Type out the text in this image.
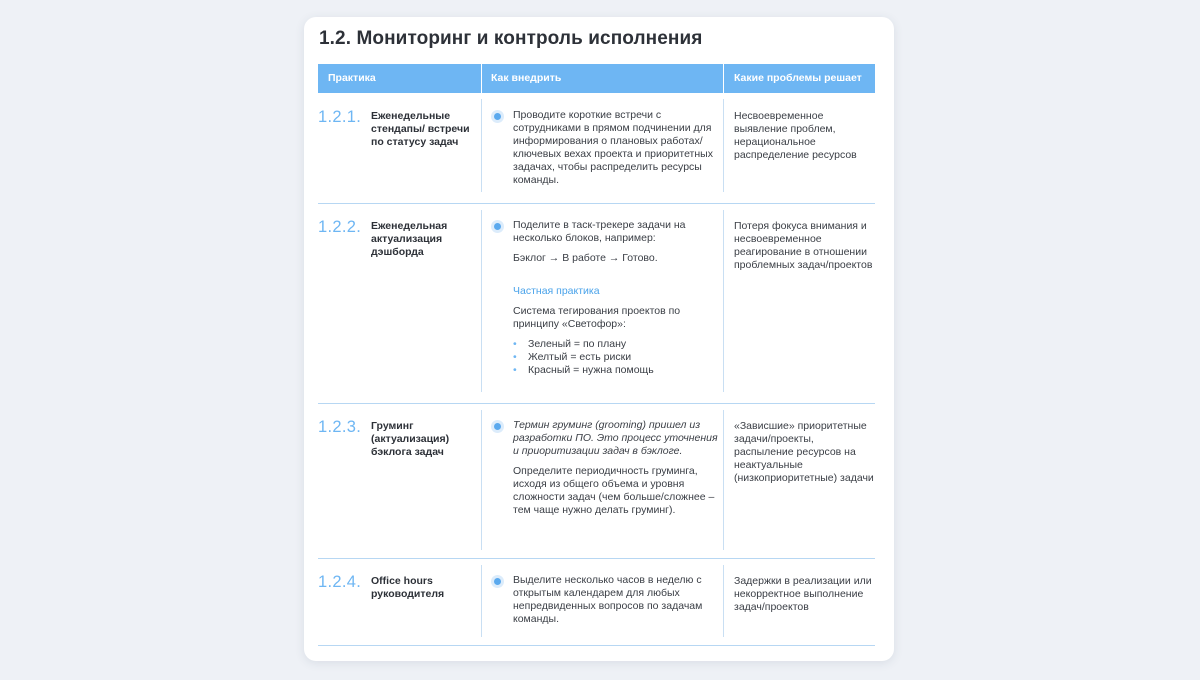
1.2. Мониторинг и контроль исполнения
Практика	Как внедрить	Какие проблемы решает
1.2.1. Еженедельные стендапы/ встречи по статусу задач

Проводите короткие встречи с сотрудниками в прямом подчинении для информирования о плановых работах/ключевых вехах проекта и приоритетных задачах, чтобы распределить ресурсы команды.

Несвоевременное выявление проблем, нерациональное распределение ресурсов
1.2.2. Еженедельная актуализация дэшборда

Поделите в таск-трекере задачи на несколько блоков, например:

Бэклог → В работе → Готово.

Частная практика

Система тегирования проектов по принципу «Светофор»:

• Зеленый = по плану
• Желтый = есть риски
• Красный = нужна помощь
Потеря фокуса внимания и несвоевременное реагирование в отношении проблемных задач/проектов
1.2.3. Груминг (актуализация) бэклога задач

Термин груминг (grooming) пришел из разработки ПО. Это процесс уточнения и приоритизации задач в бэклоге.

Определите периодичность груминга, исходя из общего объема и уровня сложности задач (чем больше/сложнее – тем чаще нужно делать груминг).

«Зависшие» приоритетные задачи/проекты, распыление ресурсов на неактуальные (низкоприоритетные) задачи
1.2.4. Office hours руководителя

Выделите несколько часов в неделю с открытым календарем для любых непредвиденных вопросов по задачам команды.

Задержки в реализации или некорректное выполнение задач/проектов
